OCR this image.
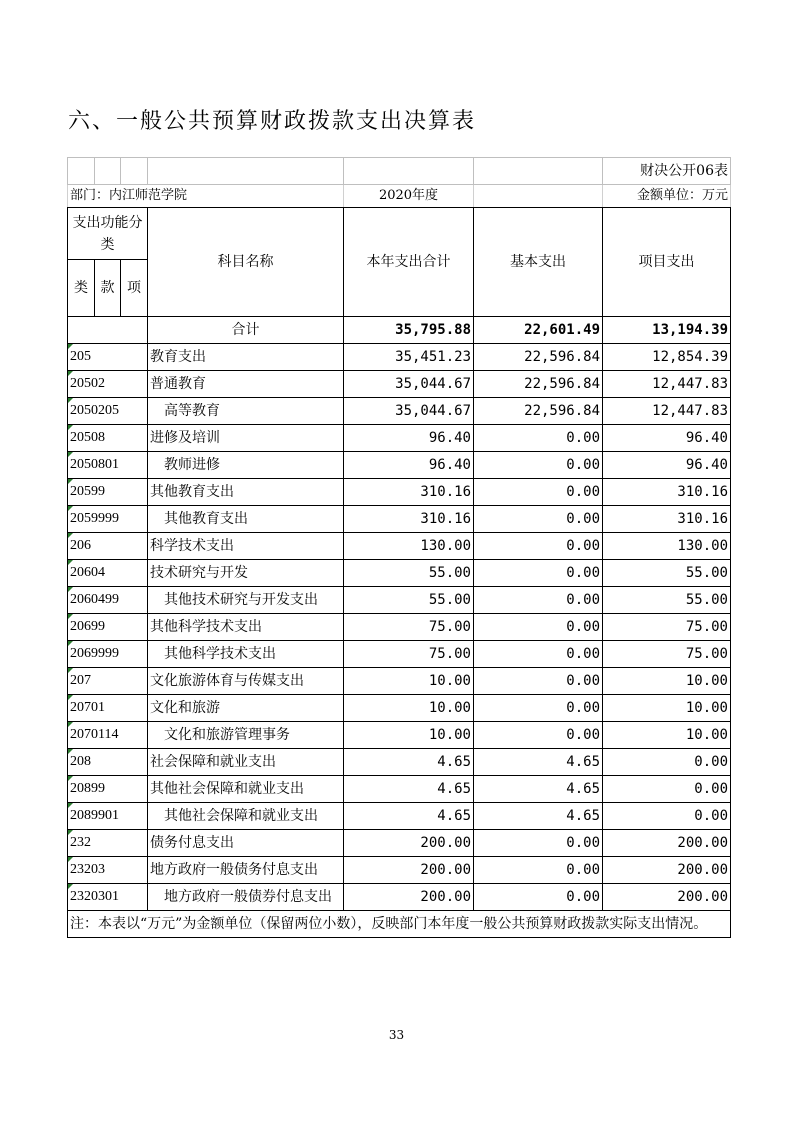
六、一般公共预算财政拨款支出决算表
						财决公开06表
部门：内江师范学院				2020年度		金额单位：万元
支出功能分类			科目名称	本年支出合计	基本支出	项目支出
类	款	项				
			合计	35,795.88	22,601.49	13,194.39
205			教育支出	35,451.23	22,596.84	12,854.39
20502			普通教育	35,044.67	22,596.84	12,447.83
2050205			高等教育	35,044.67	22,596.84	12,447.83
20508			进修及培训	96.40	0.00	96.40
2050801			教师进修	96.40	0.00	96.40
20599			其他教育支出	310.16	0.00	310.16
2059999			其他教育支出	310.16	0.00	310.16
206			科学技术支出	130.00	0.00	130.00
20604			技术研究与开发	55.00	0.00	55.00
2060499			其他技术研究与开发支出	55.00	0.00	55.00
20699			其他科学技术支出	75.00	0.00	75.00
2069999			其他科学技术支出	75.00	0.00	75.00
207			文化旅游体育与传媒支出	10.00	0.00	10.00
20701			文化和旅游	10.00	0.00	10.00
2070114			文化和旅游管理事务	10.00	0.00	10.00
208			社会保障和就业支出	4.65	4.65	0.00
20899			其他社会保障和就业支出	4.65	4.65	0.00
2089901			其他社会保障和就业支出	4.65	4.65	0.00
232			债务付息支出	200.00	0.00	200.00
23203			地方政府一般债务付息支出	200.00	0.00	200.00
2320301			地方政府一般债券付息支出	200.00	0.00	200.00
注：本表以“万元”为金额单位（保留两位小数），反映部门本年度一般公共预算财政拨款实际支出情况。						
33
